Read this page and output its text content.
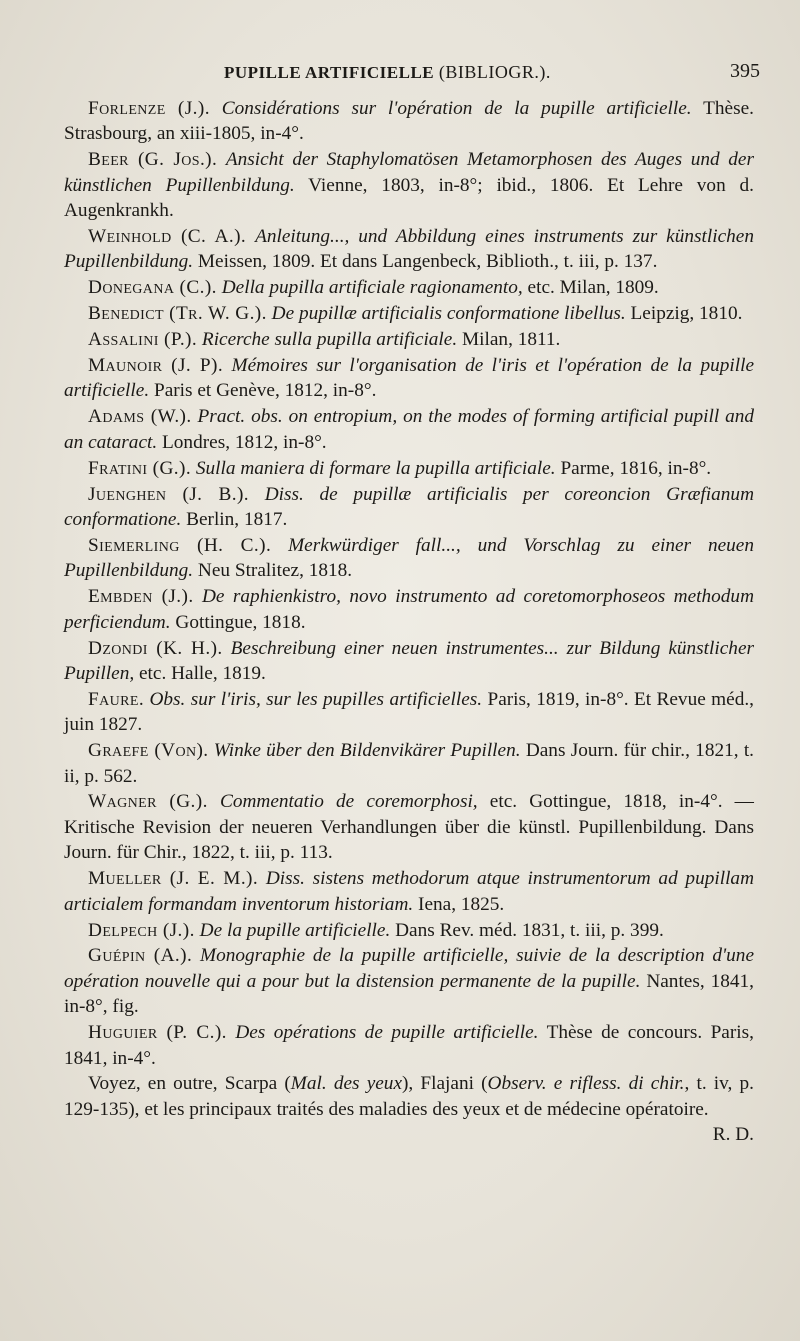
PUPILLE ARTIFICIELLE (BIBLIOGR.).	395

Forlenze (J.). Considérations sur l'opération de la pupille artificielle. Thèse. Strasbourg, an xiii-1805, in-4°.

Beer (G. Jos.). Ansicht der Staphylomatösen Metamorphosen des Auges und der künstlichen Pupillenbildung. Vienne, 1803, in-8°; ibid., 1806. Et Lehre von d. Augenkrankh.

Weinhold (C. A.). Anleitung..., und Abbildung eines instruments zur künstlichen Pupillenbildung. Meissen, 1809. Et dans Langenbeck, Biblioth., t. iii, p. 137.

Donegana (C.). Della pupilla artificiale ragionamento, etc. Milan, 1809.

Benedict (Tr. W. G.). De pupillæ artificialis conformatione libellus. Leipzig, 1810.

Assalini (P.). Ricerche sulla pupilla artificiale. Milan, 1811.

Maunoir (J. P). Mémoires sur l'organisation de l'iris et l'opération de la pupille artificielle. Paris et Genève, 1812, in-8°.

Adams (W.). Pract. obs. on entropium, on the modes of forming artificial pupill and an cataract. Londres, 1812, in-8°.

Fratini (G.). Sulla maniera di formare la pupilla artificiale. Parme, 1816, in-8°.

Juenghen (J. B.). Diss. de pupillæ artificialis per coreoncion Græfianum conformatione. Berlin, 1817.

Siemerling (H. C.). Merkwürdiger fall..., und Vorschlag zu einer neuen Pupillenbildung. Neu Stralitez, 1818.

Embden (J.). De raphienkistro, novo instrumento ad coretomorphoseos methodum perficiendum. Gottingue, 1818.

Dzondi (K. H.). Beschreibung einer neuen instrumentes... zur Bildung künstlicher Pupillen, etc. Halle, 1819.

Faure. Obs. sur l'iris, sur les pupilles artificielles. Paris, 1819, in-8°. Et Revue méd., juin 1827.

Graefe (Von). Winke über den Bildenvikärer Pupillen. Dans Journ. für chir., 1821, t. ii, p. 562.

Wagner (G.). Commentatio de coremorphosi, etc. Gottingue, 1818, in-4°. — Kritische Revision der neueren Verhandlungen über die künstl. Pupillenbildung. Dans Journ. für Chir., 1822, t. iii, p. 113.

Mueller (J. E. M.). Diss. sistens methodorum atque instrumentorum ad pupillam articialem formandam inventorum historiam. Iena, 1825.

Delpech (J.). De la pupille artificielle. Dans Rev. méd. 1831, t. iii, p. 399.

Guépin (A.). Monographie de la pupille artificielle, suivie de la description d'une opération nouvelle qui a pour but la distension permanente de la pupille. Nantes, 1841, in-8°, fig.

Huguier (P. C.). Des opérations de pupille artificielle. Thèse de concours. Paris, 1841, in-4°.

Voyez, en outre, Scarpa (Mal. des yeux), Flajani (Observ. e rifless. di chir., t. iv, p. 129-135), et les principaux traités des maladies des yeux et de médecine opératoire.
R. D.
